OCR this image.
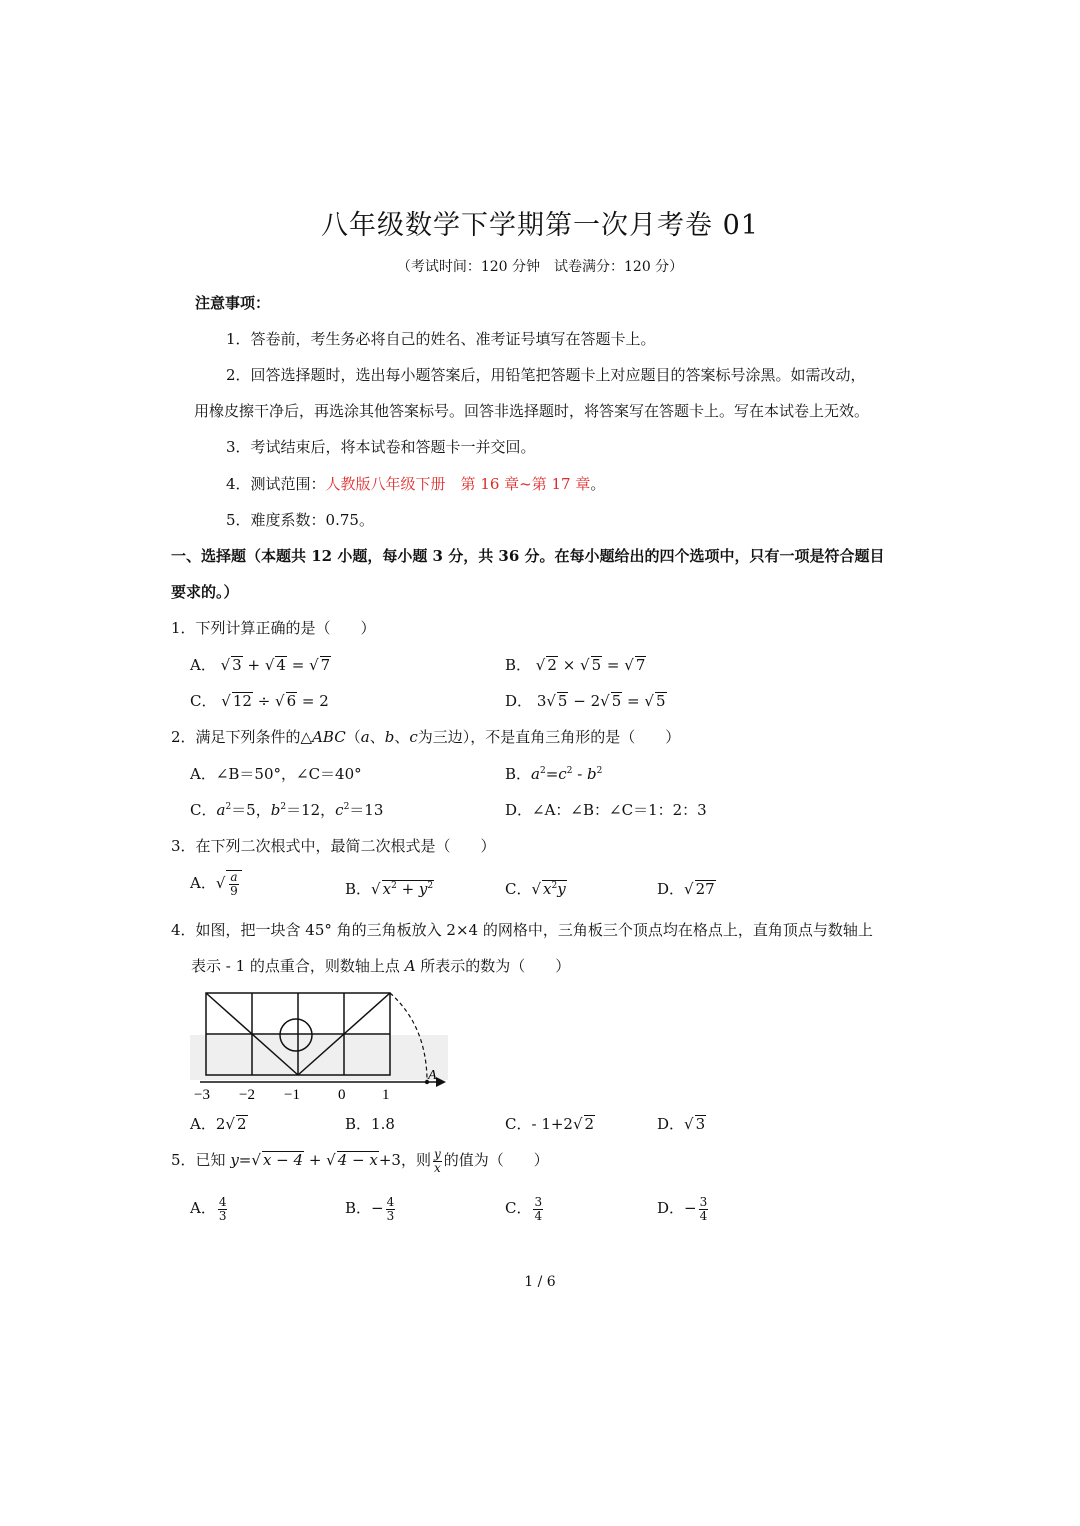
八年级数学下学期第一次月考卷 01
（考试时间：120 分钟　试卷满分：120 分）
注意事项：
1．答卷前，考生务必将自己的姓名、准考证号填写在答题卡上。
2．回答选择题时，选出每小题答案后，用铅笔把答题卡上对应题目的答案标号涂黑。如需改动，
用橡皮擦干净后，再选涂其他答案标号。回答非选择题时，将答案写在答题卡上。写在本试卷上无效。
3．考试结束后，将本试卷和答题卡一并交回。
4．测试范围：人教版八年级下册　第 16 章~第 17 章。
5．难度系数：0.75。
一、选择题（本题共 12 小题，每小题 3 分，共 36 分。在每小题给出的四个选项中，只有一项是符合题目
要求的。）
1．下列计算正确的是（　　）
A． √ 3 + √ 4 = √ 7	B． √ 2 × √ 5 = √ 7
C． √ 12 ÷ √ 6 = 2	D． 3√ 5 − 2√ 5 = √ 5
2．满足下列条件的△ABC（a、b、c为三边），不是直角三角形的是（　　）
A．∠B＝50°，∠C＝40°	B．$a^2=c^2 - b^2$
C．$a^2=5$，$b^2=12$，$c^2=13$	D．∠A：∠B：∠C＝1：2：3
3．在下列二次根式中，最简二次根式是（　　）
A．√ $\frac{a}{9}$	B．√ $x^2 + y^2$	C．√ $x^2y$	D．√ 27
4．如图，把一块含 45° 角的三角板放入 2×4 的网格中，三角板三个顶点均在格点上，直角顶点与数轴上
表示 - 1 的点重合，则数轴上点 A 所表示的数为（　　）
A
−3 −2 −1	0 1
A．2√ 2	B．1.8	C．- 1+2√ 2	D．√ 3
5．已知 y=√ x − 4 + √ 4 − x+3，则 $\frac{y}{x}$ 的值为（　　）
A． $\frac{4}{3}$	B．− $\frac{4}{3}$	C． $\frac{3}{4}$	D．− $\frac{3}{4}$
1 / 6
